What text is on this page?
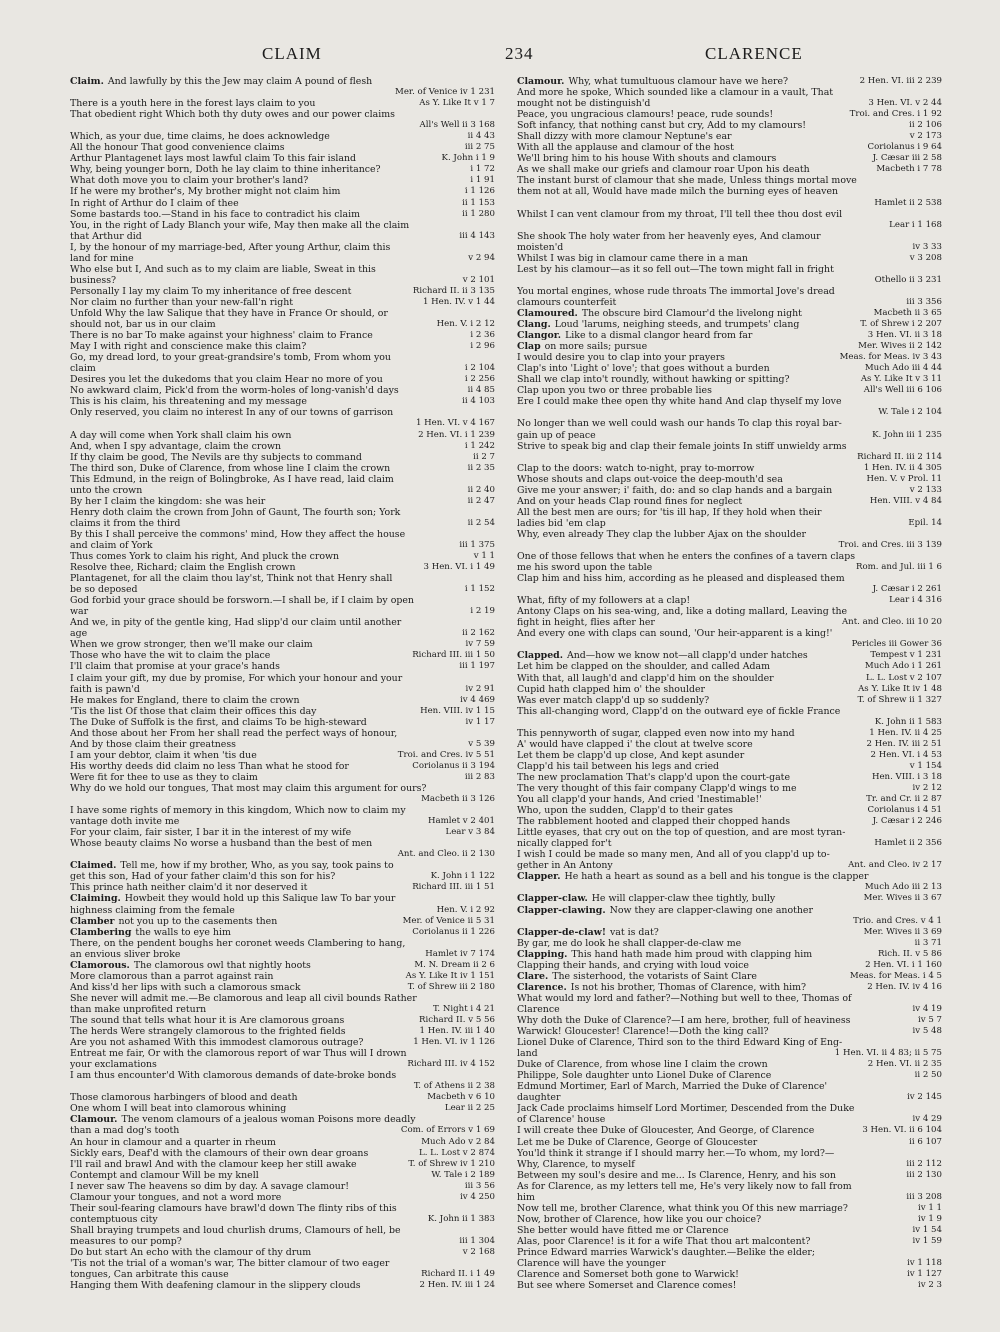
CLAIM	234	CLARENCE
Claim. And lawfully by this the Jew may claim A pound of flesh
Mer. of Venice iv 1 231
There is a youth here in the forest lays claim to you	As Y. Like It v 1 7
That obedient right Which both thy duty owes and our power claims
All's Well ii 3 168
Which, as your due, time claims, he does acknowledge	ii 4 43
All the honour That good convenience claims	iii 2 75
Arthur Plantagenet lays most lawful claim To this fair island	K. John i 1 9
Why, being younger born, Doth he lay claim to thine inheritance?	i 1 72
What doth move you to claim your brother's land?	i 1 91
If he were my brother's, My brother might not claim him	i 1 126
In right of Arthur do I claim of thee	ii 1 153
Some bastards too.—Stand in his face to contradict his claim	ii 1 280
You, in the right of Lady Blanch your wife, May then make all the claim
that Arthur did	iii 4 143
I, by the honour of my marriage-bed, After young Arthur, claim this
land for mine	v 2 94
Who else but I, And such as to my claim are liable, Sweat in this
business?	v 2 101
Personally I lay my claim To my inheritance of free descent	Richard II. ii 3 135
Nor claim no further than your new-fall'n right	1 Hen. IV. v 1 44
Unfold Why the law Salique that they have in France Or should, or
should not, bar us in our claim	Hen. V. i 2 12
There is no bar To make against your highness' claim to France	i 2 36
May I with right and conscience make this claim?	i 2 96
Go, my dread lord, to your great-grandsire's tomb, From whom you
claim	i 2 104
Desires you let the dukedoms that you claim Hear no more of you	i 2 256
No awkward claim, Pick'd from the worm-holes of long-vanish'd days	ii 4 85
This is his claim, his threatening and my message	ii 4 103
Only reserved, you claim no interest In any of our towns of garrison
1 Hen. VI. v 4 167
A day will come when York shall claim his own	2 Hen. VI. i 1 239
And, when I spy advantage, claim the crown	i 1 242
If thy claim be good, The Nevils are thy subjects to command	ii 2 7
The third son, Duke of Clarence, from whose line I claim the crown	ii 2 35
This Edmund, in the reign of Bolingbroke, As I have read, laid claim
unto the crown	ii 2 40
By her I claim the kingdom: she was heir	ii 2 47
Henry doth claim the crown from John of Gaunt, The fourth son; York
claims it from the third	ii 2 54
By this I shall perceive the commons' mind, How they affect the house
and claim of York	iii 1 375
Thus comes York to claim his right, And pluck the crown	v 1 1
Resolve thee, Richard; claim the English crown	3 Hen. VI. i 1 49
Plantagenet, for all the claim thou lay'st, Think not that Henry shall
be so deposed	i 1 152
God forbid your grace should be forsworn.—I shall be, if I claim by open
war	i 2 19
And we, in pity of the gentle king, Had slipp'd our claim until another
age	ii 2 162
When we grow stronger, then we'll make our claim	iv 7 59
Those who have the wit to claim the place	Richard III. iii 1 50
I'll claim that promise at your grace's hands	iii 1 197
I claim your gift, my due by promise, For which your honour and your
faith is pawn'd	iv 2 91
He makes for England, there to claim the crown	iv 4 469
'Tis the list Of those that claim their offices this day	Hen. VIII. iv 1 15
The Duke of Suffolk is the first, and claims To be high-steward	iv 1 17
And those about her From her shall read the perfect ways of honour,
And by those claim their greatness	v 5 39
I am your debtor, claim it when 'tis due	Troi. and Cres. iv 5 51
His worthy deeds did claim no less Than what he stood for	Coriolanus ii 3 194
Were fit for thee to use as they to claim	iii 2 83
Why do we hold our tongues, That most may claim this argument for ours?
Macbeth ii 3 126
I have some rights of memory in this kingdom, Which now to claim my
vantage doth invite me	Hamlet v 2 401
For your claim, fair sister, I bar it in the interest of my wife	Lear v 3 84
Whose beauty claims No worse a husband than the best of men
Ant. and Cleo. ii 2 130
Claimed. Tell me, how if my brother, Who, as you say, took pains to
get this son, Had of your father claim'd this son for his?	K. John i 1 122
This prince hath neither claim'd it nor deserved it	Richard III. iii 1 51
Claiming. Howbeit they would hold up this Salique law To bar your
highness claiming from the female	Hen. V. i 2 92
Clamber not you up to the casements then	Mer. of Venice ii 5 31
Clambering the walls to eye him	Coriolanus ii 1 226
There, on the pendent boughs her coronet weeds Clambering to hang,
an envious sliver broke	Hamlet iv 7 174
Clamorous. The clamorous owl that nightly hoots	M. N. Dream ii 2 6
More clamorous than a parrot against rain	As Y. Like It iv 1 151
And kiss'd her lips with such a clamorous smack	T. of Shrew iii 2 180
She never will admit me.—Be clamorous and leap all civil bounds Rather
than make unprofited return	T. Night i 4 21
The sound that tells what hour it is Are clamorous groans	Richard II. v 5 56
The herds Were strangely clamorous to the frighted fields	1 Hen. IV. iii 1 40
Are you not ashamed With this immodest clamorous outrage?	1 Hen. VI. iv 1 126
Entreat me fair, Or with the clamorous report of war Thus will I drown
your exclamations	Richard III. iv 4 152
I am thus encounter'd With clamorous demands of date-broke bonds
T. of Athens ii 2 38
Those clamorous harbingers of blood and death	Macbeth v 6 10
One whom I will beat into clamorous whining	Lear ii 2 25
Clamour. The venom clamours of a jealous woman Poisons more deadly
than a mad dog's tooth	Com. of Errors v 1 69
An hour in clamour and a quarter in rheum	Much Ado v 2 84
Sickly ears, Deaf'd with the clamours of their own dear groans	L. L. Lost v 2 874
I'll rail and brawl And with the clamour keep her still awake	T. of Shrew iv 1 210
Contempt and clamour Will be my knell	W. Tale i 2 189
I never saw The heavens so dim by day. A savage clamour!	iii 3 56
Clamour your tongues, and not a word more	iv 4 250
Their soul-fearing clamours have brawl'd down The flinty ribs of this
contemptuous city	K. John ii 1 383
Shall braying trumpets and loud churlish drums, Clamours of hell, be
measures to our pomp?	iii 1 304
Do but start An echo with the clamour of thy drum	v 2 168
'Tis not the trial of a woman's war, The bitter clamour of two eager
tongues, Can arbitrate this cause	Richard II. i 1 49
Hanging them With deafening clamour in the slippery clouds	2 Hen. IV. iii 1 24
Clamour. Why, what tumultuous clamour have we here?	2 Hen. VI. iii 2 239
And more he spoke, Which sounded like a clamour in a vault, That
mought not be distinguish'd	3 Hen. VI. v 2 44
Peace, you ungracious clamours! peace, rude sounds!	Troi. and Cres. i 1 92
Soft infancy, that nothing canst but cry, Add to my clamours!	ii 2 106
Shall dizzy with more clamour Neptune's ear	v 2 173
With all the applause and clamour of the host	Coriolanus i 9 64
We'll bring him to his house With shouts and clamours	J. Cæsar iii 2 58
As we shall make our griefs and clamour roar Upon his death	Macbeth i 7 78
The instant burst of clamour that she made, Unless things mortal move
them not at all, Would have made milch the burning eyes of heaven
Hamlet ii 2 538
Whilst I can vent clamour from my throat, I'll tell thee thou dost evil
Lear i 1 168
She shook The holy water from her heavenly eyes, And clamour
moisten'd	iv 3 33
Whilst I was big in clamour came there in a man	v 3 208
Lest by his clamour—as it so fell out—The town might fall in fright
Othello ii 3 231
You mortal engines, whose rude throats The immortal Jove's dread
clamours counterfeit	iii 3 356
Clamoured. The obscure bird Clamour'd the livelong night	Macbeth ii 3 65
Clang. Loud 'larums, neighing steeds, and trumpets' clang	T. of Shrew i 2 207
Clangor. Like to a dismal clangor heard from far	3 Hen. VI. ii 3 18
Clap on more sails; pursue	Mer. Wives ii 2 142
I would desire you to clap into your prayers	Meas. for Meas. iv 3 43
Clap's into 'Light o' love'; that goes without a burden	Much Ado iii 4 44
Shall we clap into't roundly, without hawking or spitting?	As Y. Like It v 3 11
Clap upon you two or three probable lies	All's Well iii 6 106
Ere I could make thee open thy white hand And clap thyself my love
W. Tale i 2 104
No longer than we well could wash our hands To clap this royal bar-
gain up of peace	K. John iii 1 235
Strive to speak big and clap their female joints In stiff unwieldy arms
Richard II. iii 2 114
Clap to the doors: watch to-night, pray to-morrow	1 Hen. IV. ii 4 305
Whose shouts and claps out-voice the deep-mouth'd sea	Hen. V. v Prol. 11
Give me your answer; i' faith, do: and so clap hands and a bargain	v 2 133
And on your heads Clap round fines for neglect	Hen. VIII. v 4 84
All the best men are ours; for 'tis ill hap, If they hold when their
ladies bid 'em clap	Epil. 14
Why, even already They clap the lubber Ajax on the shoulder
Troi. and Cres. iii 3 139
One of those fellows that when he enters the confines of a tavern claps
me his sword upon the table	Rom. and Jul. iii 1 6
Clap him and hiss him, according as he pleased and displeased them
J. Cæsar i 2 261
What, fifty of my followers at a clap!	Lear i 4 316
Antony Claps on his sea-wing, and, like a doting mallard, Leaving the
fight in height, flies after her	Ant. and Cleo. iii 10 20
And every one with claps can sound, 'Our heir-apparent is a king!'
Pericles iii Gower 36
Clapped. And—how we know not—all clapp'd under hatches	Tempest v 1 231
Let him be clapped on the shoulder, and called Adam	Much Ado i 1 261
With that, all laugh'd and clapp'd him on the shoulder	L. L. Lost v 2 107
Cupid hath clapped him o' the shoulder	As Y. Like It iv 1 48
Was ever match clapp'd up so suddenly?	T. of Shrew ii 1 327
This all-changing word, Clapp'd on the outward eye of fickle France
K. John ii 1 583
This pennyworth of sugar, clapped even now into my hand	1 Hen. IV. ii 4 25
A' would have clapped i' the clout at twelve score	2 Hen. IV. iii 2 51
Let them be clapp'd up close, And kept asunder	2 Hen. VI. i 4 53
Clapp'd his tail between his legs and cried	v 1 154
The new proclamation That's clapp'd upon the court-gate	Hen. VIII. i 3 18
The very thought of this fair company Clapp'd wings to me	iv 2 12
You all clapp'd your hands, And cried 'Inestimable!'	Tr. and Cr. ii 2 87
Who, upon the sudden, Clapp'd to their gates	Coriolanus i 4 51
The rabblement hooted and clapped their chopped hands	J. Cæsar i 2 246
Little eyases, that cry out on the top of question, and are most tyran-
nically clapped for't	Hamlet ii 2 356
I wish I could be made so many men, And all of you clapp'd up to-
gether in An Antony	Ant. and Cleo. iv 2 17
Clapper. He hath a heart as sound as a bell and his tongue is the clapper
Much Ado iii 2 13
Clapper-claw. He will clapper-claw thee tightly, bully	Mer. Wives ii 3 67
Clapper-clawing. Now they are clapper-clawing one another
Trio. and Cres. v 4 1
Clapper-de-claw! vat is dat?	Mer. Wives ii 3 69
By gar, me do look he shall clapper-de-claw me	ii 3 71
Clapping. This hand hath made him proud with clapping him	Rich. II. v 5 86
Clapping their hands, and crying with loud voice	2 Hen. VI. i 1 160
Clare. The sisterhood, the votarists of Saint Clare	Meas. for Meas. i 4 5
Clarence. Is not his brother, Thomas of Clarence, with him?	2 Hen. IV. iv 4 16
What would my lord and father?—Nothing but well to thee, Thomas of
Clarence	iv 4 19
Why doth the Duke of Clarence?—I am here, brother, full of heaviness	iv 5 7
Warwick! Gloucester! Clarence!—Doth the king call?	iv 5 48
Lionel Duke of Clarence, Third son to the third Edward King of Eng-
land	1 Hen. VI. ii 4 83; ii 5 75
Duke of Clarence, from whose line I claim the crown	2 Hen. VI. ii 2 35
Philippe, Sole daughter unto Lionel Duke of Clarence	ii 2 50
Edmund Mortimer, Earl of March, Married the Duke of Clarence'
daughter	iv 2 145
Jack Cade proclaims himself Lord Mortimer, Descended from the Duke
of Clarence' house	iv 4 29
I will create thee Duke of Gloucester, And George, of Clarence	3 Hen. VI. ii 6 104
Let me be Duke of Clarence, George of Gloucester	ii 6 107
You'ld think it strange if I should marry her.—To whom, my lord?—
Why, Clarence, to myself	iii 2 112
Between my soul's desire and me... Is Clarence, Henry, and his son	iii 2 130
As for Clarence, as my letters tell me, He's very likely now to fall from
him	iii 3 208
Now tell me, brother Clarence, what think you Of this new marriage?	iv 1 1
Now, brother of Clarence, how like you our choice?	iv 1 9
She better would have fitted me or Clarence	iv 1 54
Alas, poor Clarence! is it for a wife That thou art malcontent?	iv 1 59
Prince Edward marries Warwick's daughter.—Belike the elder;
Clarence will have the younger	iv 1 118
Clarence and Somerset both gone to Warwick!	iv 1 127
But see where Somerset and Clarence comes!	iv 2 3
